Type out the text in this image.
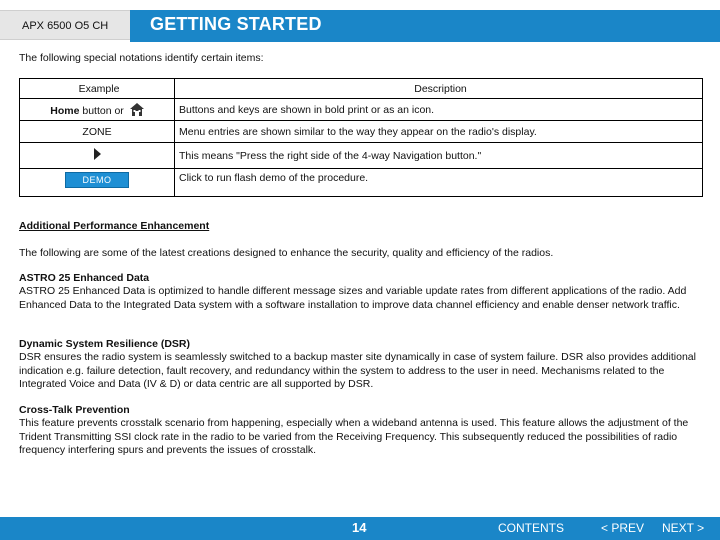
APX 6500 O5 CH	GETTING STARTED
The following special notations identify certain items:
Example	Description
Home button or	Buttons and keys are shown in bold print or as an icon.
ZONE	Menu entries are shown similar to the way they appear on the radio's display.
	This means "Press the right side of the 4-way Navigation button."
DEMO	Click to run flash demo of the procedure.
Additional Performance Enhancement
The following are some of the latest creations designed to enhance the security, quality and efficiency of the radios.
ASTRO 25 Enhanced Data
ASTRO 25 Enhanced Data is optimized to handle different message sizes and variable update rates from different applications of the radio. Add Enhanced Data to the Integrated Data system with a software installation to improve data channel efficiency and enable denser network traffic.
Dynamic System Resilience (DSR)
DSR ensures the radio system is seamlessly switched to a backup master site dynamically in case of system failure. DSR also provides additional indication e.g. failure detection, fault recovery, and redundancy within the system to address to the user in need. Mechanisms related to the Integrated Voice and Data (IV & D) or data centric are all supported by DSR.
Cross-Talk Prevention
This feature prevents crosstalk scenario from happening, especially when a wideband antenna is used. This feature allows the adjustment of the Trident Transmitting SSI clock rate in the radio to be varied from the Receiving Frequency. This subsequently reduced the possibilities of radio frequency interfering spurs and prevents the issues of crosstalk.
14	CONTENTS	< PREV NEXT >
